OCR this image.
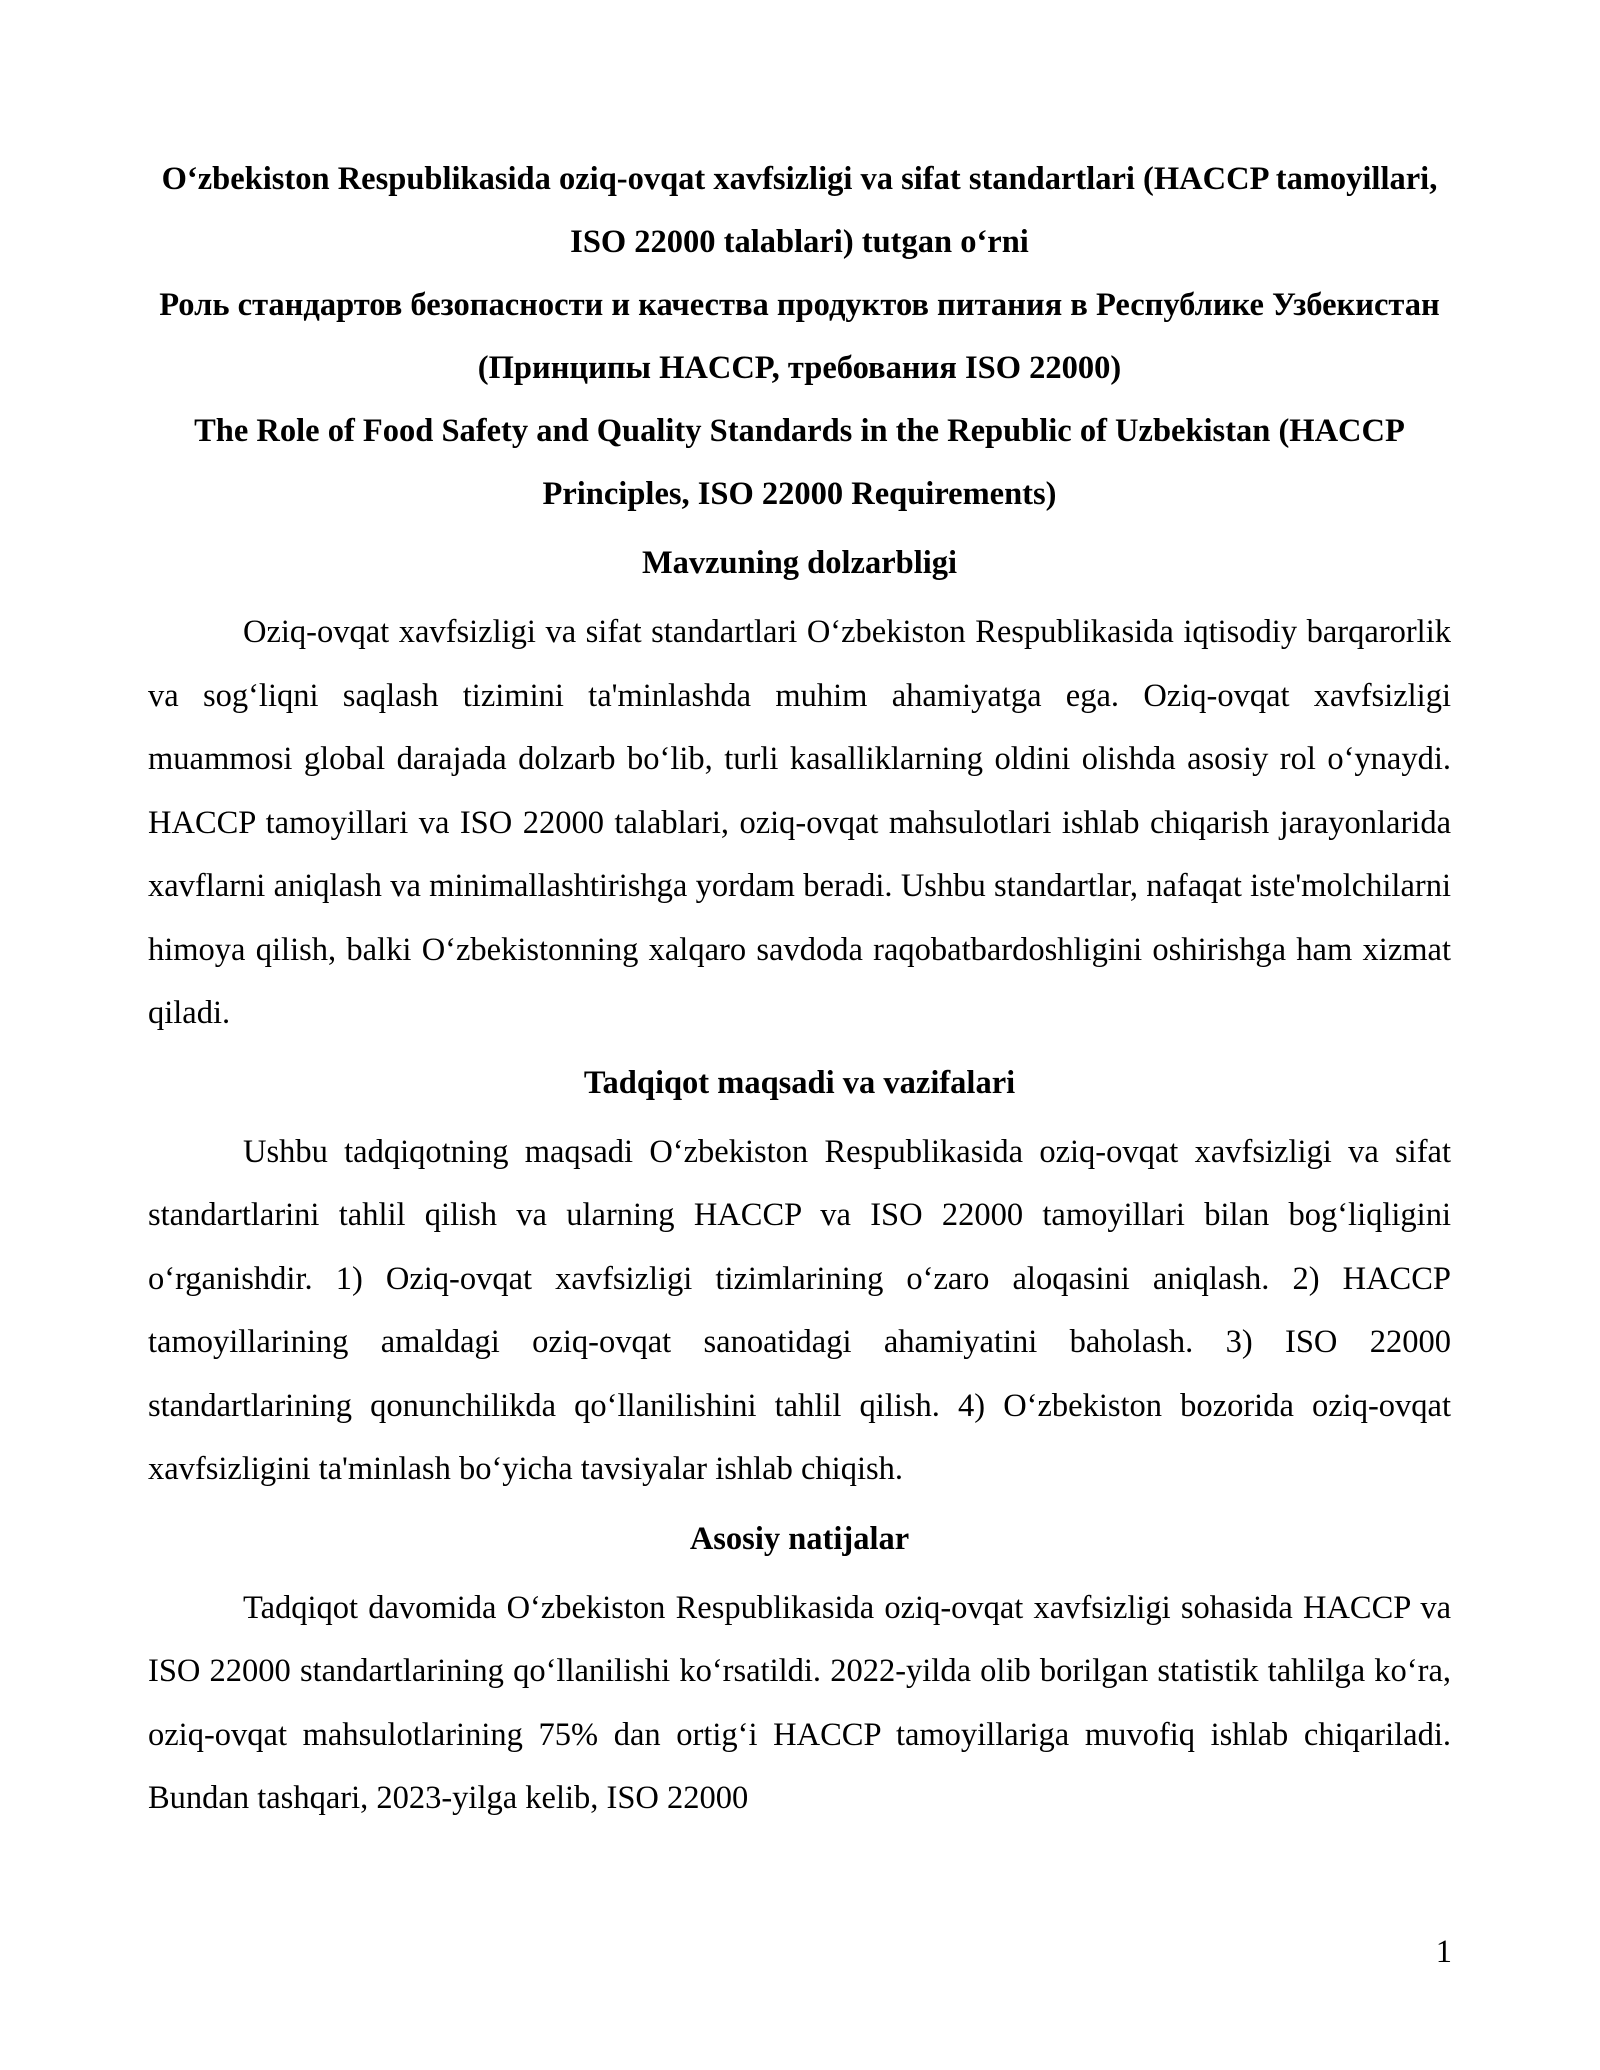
Oʻzbekiston Respublikasida oziq-ovqat xavfsizligi va sifat standartlari (HACCP tamoyillari, ISO 22000 talablari) tutgan oʻrni

Роль стандартов безопасности и качества продуктов питания в Республике Узбекистан (Принципы HACCP, требования ISO 22000)

The Role of Food Safety and Quality Standards in the Republic of Uzbekistan (HACCP Principles, ISO 22000 Requirements)

Mavzuning dolzarbligi

Oziq-ovqat xavfsizligi va sifat standartlari Oʻzbekiston Respublikasida iqtisodiy barqarorlik va sogʻliqni saqlash tizimini ta'minlashda muhim ahamiyatga ega. Oziq-ovqat xavfsizligi muammosi global darajada dolzarb boʻlib, turli kasalliklarning oldini olishda asosiy rol oʻynaydi. HACCP tamoyillari va ISO 22000 talablari, oziq-ovqat mahsulotlari ishlab chiqarish jarayonlarida xavflarni aniqlash va minimallashtirishga yordam beradi. Ushbu standartlar, nafaqat iste'molchilarni himoya qilish, balki Oʻzbekistonning xalqaro savdoda raqobatbardoshligini oshirishga ham xizmat qiladi.

Tadqiqot maqsadi va vazifalari

Ushbu tadqiqotning maqsadi Oʻzbekiston Respublikasida oziq-ovqat xavfsizligi va sifat standartlarini tahlil qilish va ularning HACCP va ISO 22000 tamoyillari bilan bogʻliqligini oʻrganishdir. 1) Oziq-ovqat xavfsizligi tizimlarining oʻzaro aloqasini aniqlash. 2) HACCP tamoyillarining amaldagi oziq-ovqat sanoatidagi ahamiyatini baholash. 3) ISO 22000 standartlarining qonunchilikda qoʻllanilishini tahlil qilish. 4) Oʻzbekiston bozorida oziq-ovqat xavfsizligini ta'minlash boʻyicha tavsiyalar ishlab chiqish.

Asosiy natijalar

Tadqiqot davomida Oʻzbekiston Respublikasida oziq-ovqat xavfsizligi sohasida HACCP va ISO 22000 standartlarining qoʻllanilishi koʻrsatildi. 2022-yilda olib borilgan statistik tahlilga koʻra, oziq-ovqat mahsulotlarining 75% dan ortigʻi HACCP tamoyillariga muvofiq ishlab chiqariladi. Bundan tashqari, 2023-yilga kelib, ISO 22000

1
